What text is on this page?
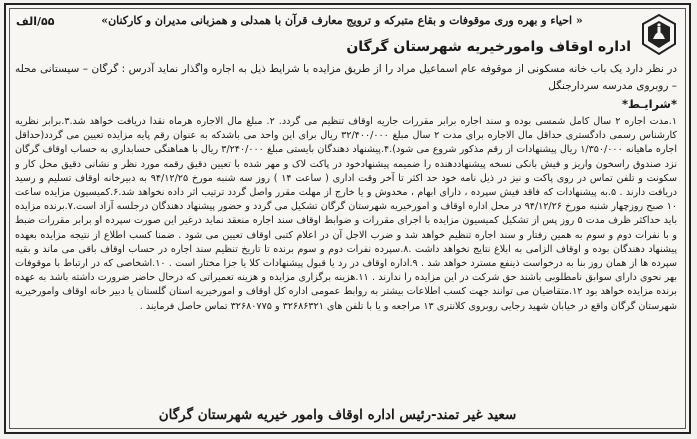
۵۵/الف	« احیاء و بهره وری موقوفات و بقاع متبرکه و ترویج معارف قرآن با همدلی و همزبانی مدیران و کارکنان»
اداره اوقاف وامورخیریه شهرستان گرگان
در نظر دارد یک باب خانه مسکونی از موقوفه عام اسماعیل مراد را از طریق مزایده با شرایط ذیل به اجاره واگذار نماید آدرس : گرگان – سیستانی محله – روبروی مدرسه سردارجنگل
*شرایـط*
۱.مدت اجاره ۲ سال کامل شمسی بوده و سند اجاره برابر مقررات جاریه اوقاف تنظیم می گردد. ۲. مبلغ مال الاجاره هرماه نقدا دریافت خواهد شد.۳.برابر نظریه کارشناس رسمی دادگستری حداقل مال الاجاره برای مدت ۲ سال مبلغ ۳۲/۴۰۰/۰۰۰ ریال برای این واحد می باشدکه به عنوان رقم پایه مزایده تعیین می گردد(حداقل اجاره ماهیانه ۱/۳۵۰/۰۰۰ ریال پیشنهادات از رقم مذکور شروع می شود).۴.پیشنهاد دهندگان بایستی مبلغ ۳/۲۴۰/۰۰۰ ریال با هماهنگی حسابداری به حساب اوقاف گرگان نزد صندوق راسخون واریز و فیش بانکی نسخه پیشنهاددهنده را ضمیمه پیشنهادخود در پاکت لاک و مهر شده با تعیین دقیق رقمه مورد نظر و نشانی دقیق محل کار و سکونت و تلفن تماس در روی پاکت و نیز در ذیل نامه خود حد اکثر تا آخر وقت اداری ( ساعت ۱۴ ) روز سه شنبه مورخ ۹۴/۱۲/۲۵ به دبیرخانه اوقاف تسلیم و رسید دریافت دارند . ۵.به پیشنهادات که فاقد فیش سپرده ، دارای ابهام ، مخدوش و یا خارج از مهلت مقرر واصل گردد ترتیب اثر داده نخواهد شد.۶.کمیسیون مزایده ساعت ۱۰ صبح روزچهار شنبه مورخ ۹۴/۱۲/۲۶ در محل اداره اوقاف و امورخیریه شهرستان گرگان تشکیل می گردد و حضور پیشنهاد دهندگان درجلسه آزاد است.۷.برنده مزایده باید حداکثر ظرف مدت ۵ روز پس از تشکیل کمیسیون مزایده با اجرای مقررات و ضوابط اوقاف سند اجاره منعقد نماید درغیر این صورت سپرده او برابر مقررات ضبط و با نفرات دوم و سوم به همین رفتار و سند اجاره تنظیم خواهد شد و ضرب الاجل آن در اعلام کتبی اوقاف تعیین می شود . ضمنا کسب اطلاع از نتیجه مزایده بعهده پیشنهاد دهندگان بوده و اوقاف الزامی به ابلاغ نتایج نخواهد داشت .۸.سپرده نفرات دوم و سوم برنده تا تاریخ تنظیم سند اجاره در حساب اوقاف باقی می ماند و بقیه سپرده ها از همان روز بنا به درخواست ذینفع مسترد خواهد شد . ۹.اداره اوقاف در رد یا قبول پیشنهادات کلا یا جزا مختار است . ۱۰.اشخاصی که در ارتباط با موقوفات بهر نحوی دارای سوابق نامطلوبی باشند حق شرکت در این مزایده را ندارند . ۱۱.هزینه برگزاری مزایده و هزینه تعمیراتی که درحال حاضر ضرورت داشته باشد به عهده برنده مزایده خواهد بود ۱۲.متقاضیان می توانند جهت کسب اطلاعات بیشتر به روابط عمومی اداره کل اوقاف و امورخیریه استان گلستان یا دبیر خانه اوقاف وامورخیریه شهرستان گرگان واقع در خیابان شهید رجایی روبروی کلانتری ۱۳ مراجعه و یا با تلفن های ۳۲۶۸۶۳۲۱ و ۳۲۶۸۰۷۷۵ تماس حاصل فرمایند .
سعید غیر تمند-رئیس اداره اوقاف وامور خیریه شهرستان گرگان
